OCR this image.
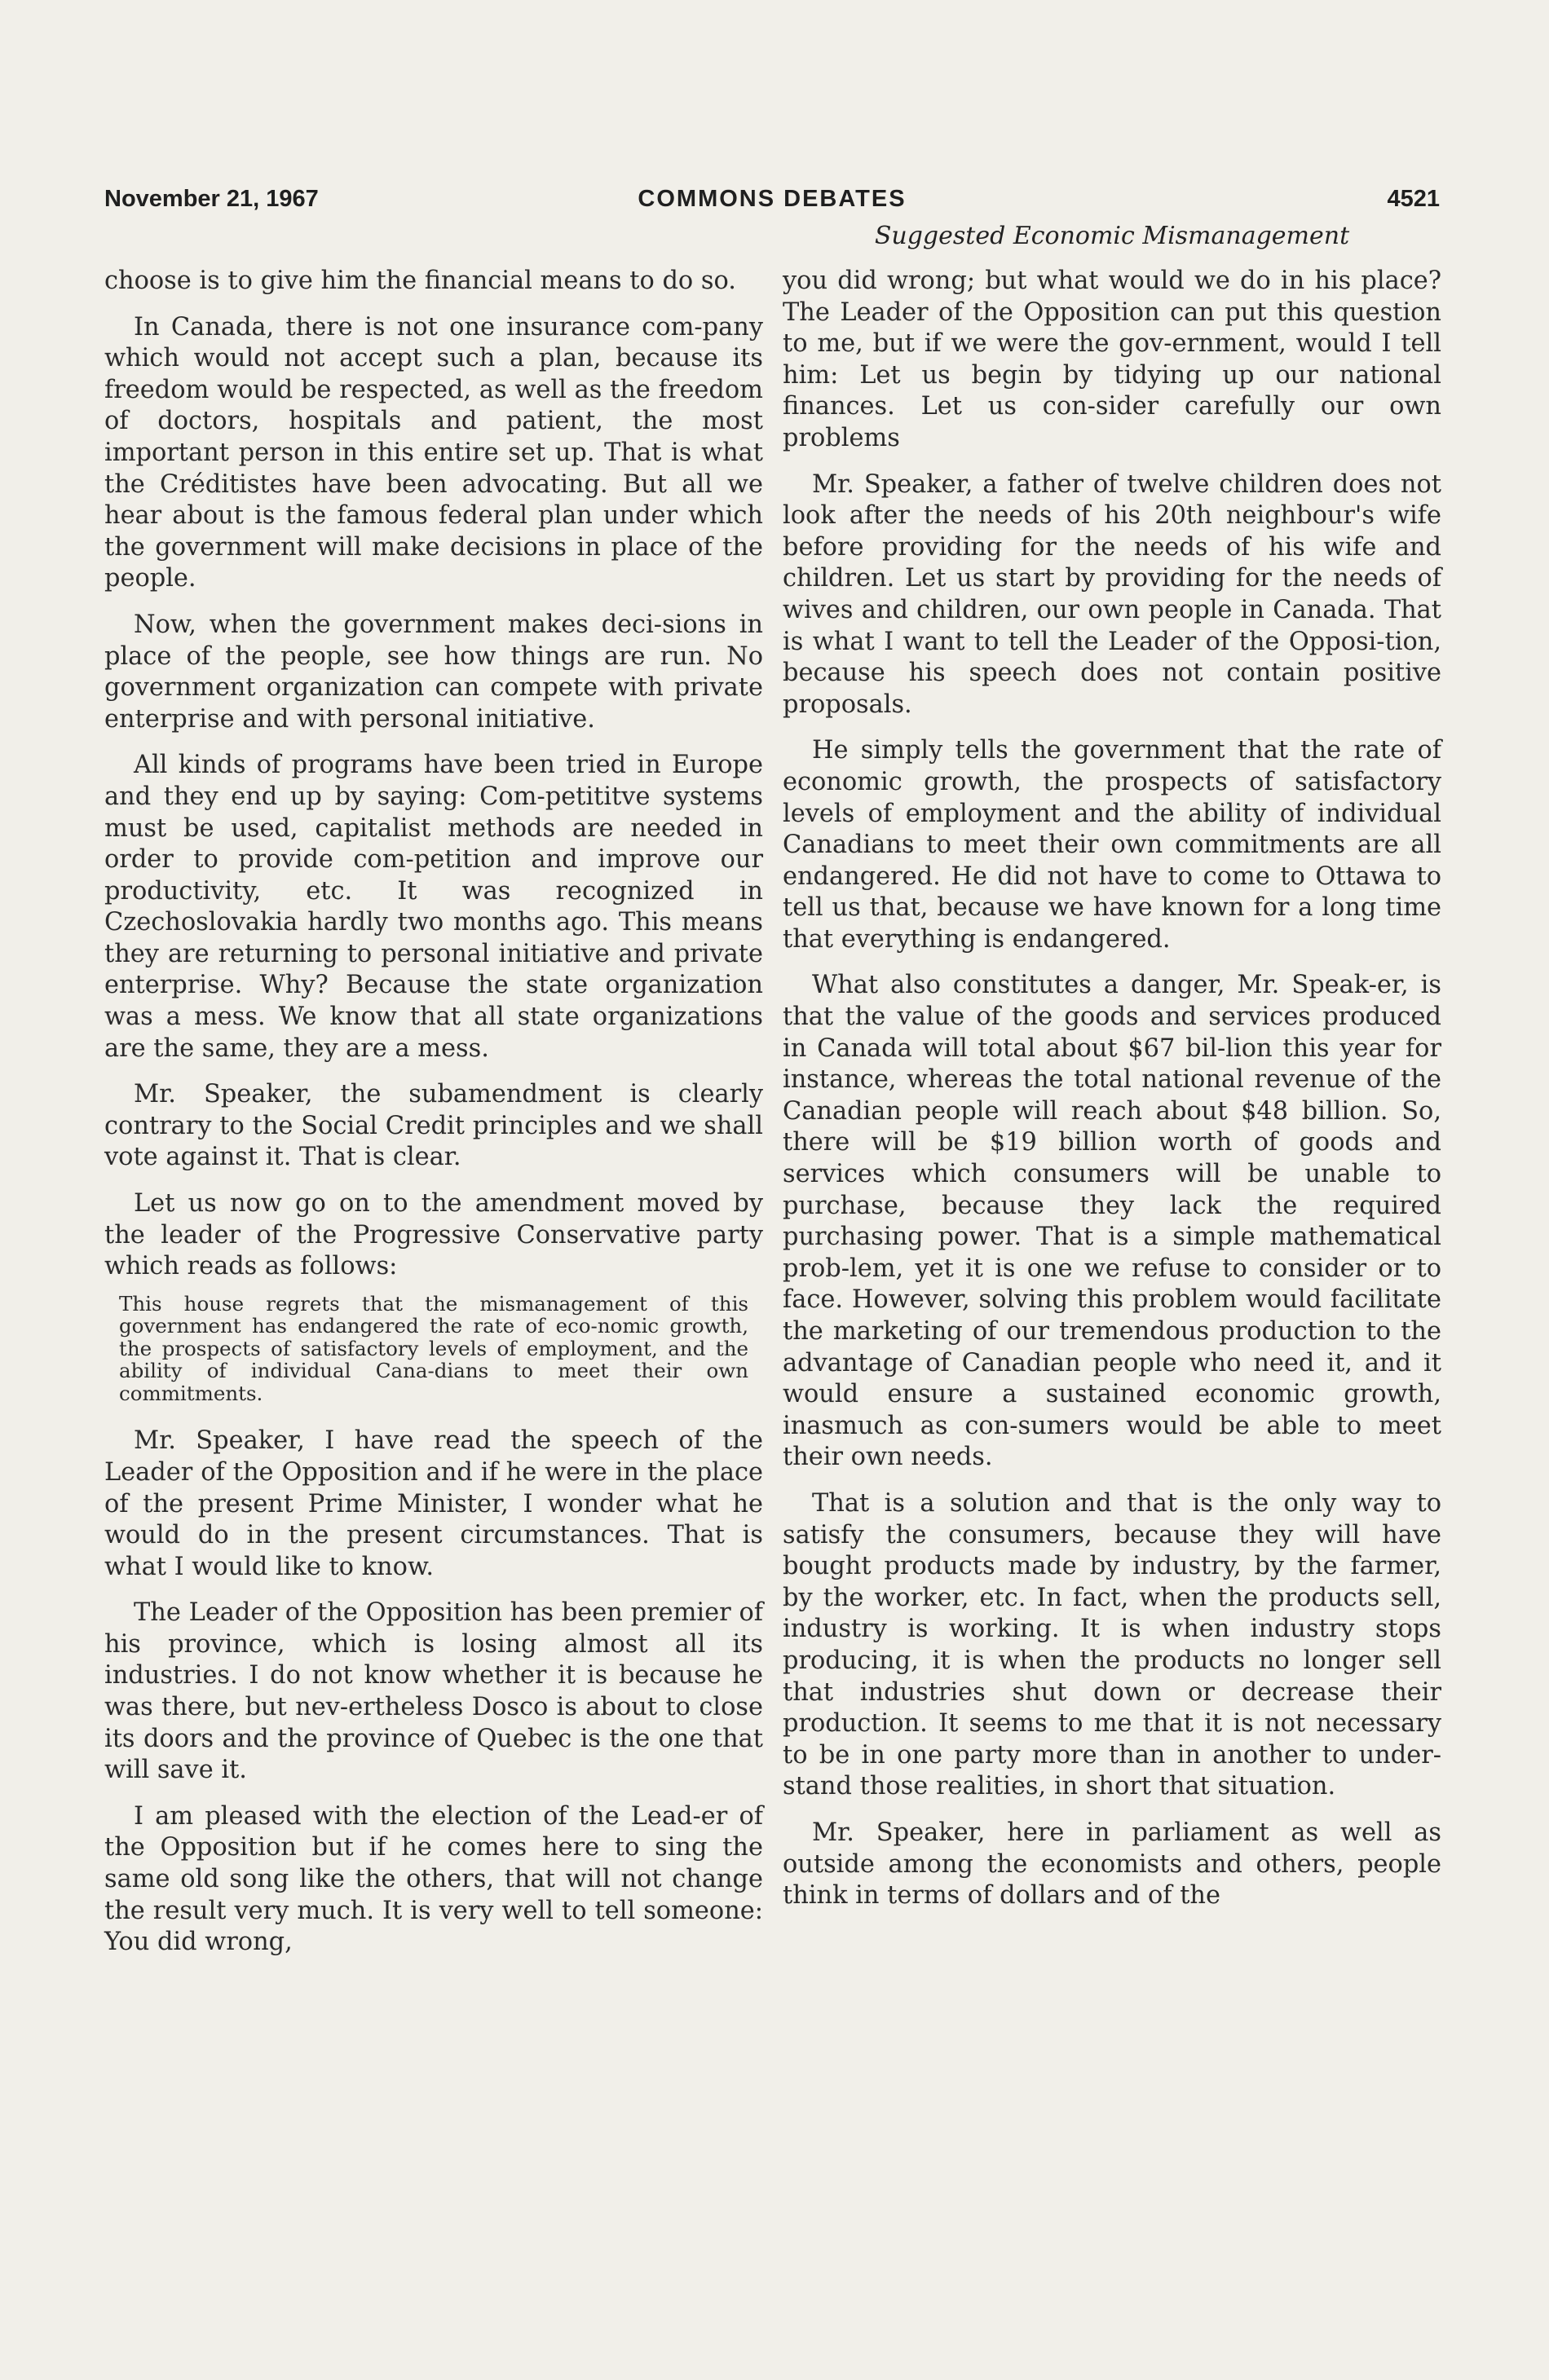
November 21, 1967	COMMONS DEBATES	4521
Suggested Economic Mismanagement

choose is to give him the financial means to do so.

In Canada, there is not one insurance com-pany which would not accept such a plan, because its freedom would be respected, as well as the freedom of doctors, hospitals and patient, the most important person in this entire set up. That is what the Créditistes have been advocating. But all we hear about is the famous federal plan under which the government will make decisions in place of the people.

Now, when the government makes deci-sions in place of the people, see how things are run. No government organization can compete with private enterprise and with personal initiative.

All kinds of programs have been tried in Europe and they end up by saying: Com-petititve systems must be used, capitalist methods are needed in order to provide com-petition and improve our productivity, etc. It was recognized in Czechoslovakia hardly two months ago. This means they are returning to personal initiative and private enterprise. Why? Because the state organization was a mess. We know that all state organizations are the same, they are a mess.

Mr. Speaker, the subamendment is clearly contrary to the Social Credit principles and we shall vote against it. That is clear.

Let us now go on to the amendment moved by the leader of the Progressive Conservative party which reads as follows:

This house regrets that the mismanagement of this government has endangered the rate of eco-nomic growth, the prospects of satisfactory levels of employment, and the ability of individual Cana-dians to meet their own commitments.

Mr. Speaker, I have read the speech of the Leader of the Opposition and if he were in the place of the present Prime Minister, I wonder what he would do in the present circumstances. That is what I would like to know.

The Leader of the Opposition has been premier of his province, which is losing almost all its industries. I do not know whether it is because he was there, but nev-ertheless Dosco is about to close its doors and the province of Quebec is the one that will save it.

I am pleased with the election of the Lead-er of the Opposition but if he comes here to sing the same old song like the others, that will not change the result very much. It is very well to tell someone: You did wrong,

you did wrong; but what would we do in his place? The Leader of the Opposition can put this question to me, but if we were the gov-ernment, would I tell him: Let us begin by tidying up our national finances. Let us con-sider carefully our own problems

Mr. Speaker, a father of twelve children does not look after the needs of his 20th neighbour's wife before providing for the needs of his wife and children. Let us start by providing for the needs of wives and children, our own people in Canada. That is what I want to tell the Leader of the Opposi-tion, because his speech does not contain positive proposals.

He simply tells the government that the rate of economic growth, the prospects of satisfactory levels of employment and the ability of individual Canadians to meet their own commitments are all endangered. He did not have to come to Ottawa to tell us that, because we have known for a long time that everything is endangered.

What also constitutes a danger, Mr. Speak-er, is that the value of the goods and services produced in Canada will total about $67 bil-lion this year for instance, whereas the total national revenue of the Canadian people will reach about $48 billion. So, there will be $19 billion worth of goods and services which consumers will be unable to purchase, because they lack the required purchasing power. That is a simple mathematical prob-lem, yet it is one we refuse to consider or to face. However, solving this problem would facilitate the marketing of our tremendous production to the advantage of Canadian people who need it, and it would ensure a sustained economic growth, inasmuch as con-sumers would be able to meet their own needs.

That is a solution and that is the only way to satisfy the consumers, because they will have bought products made by industry, by the farmer, by the worker, etc. In fact, when the products sell, industry is working. It is when industry stops producing, it is when the products no longer sell that industries shut down or decrease their production. It seems to me that it is not necessary to be in one party more than in another to under-stand those realities, in short that situation.

Mr. Speaker, here in parliament as well as outside among the economists and others, people think in terms of dollars and of the
